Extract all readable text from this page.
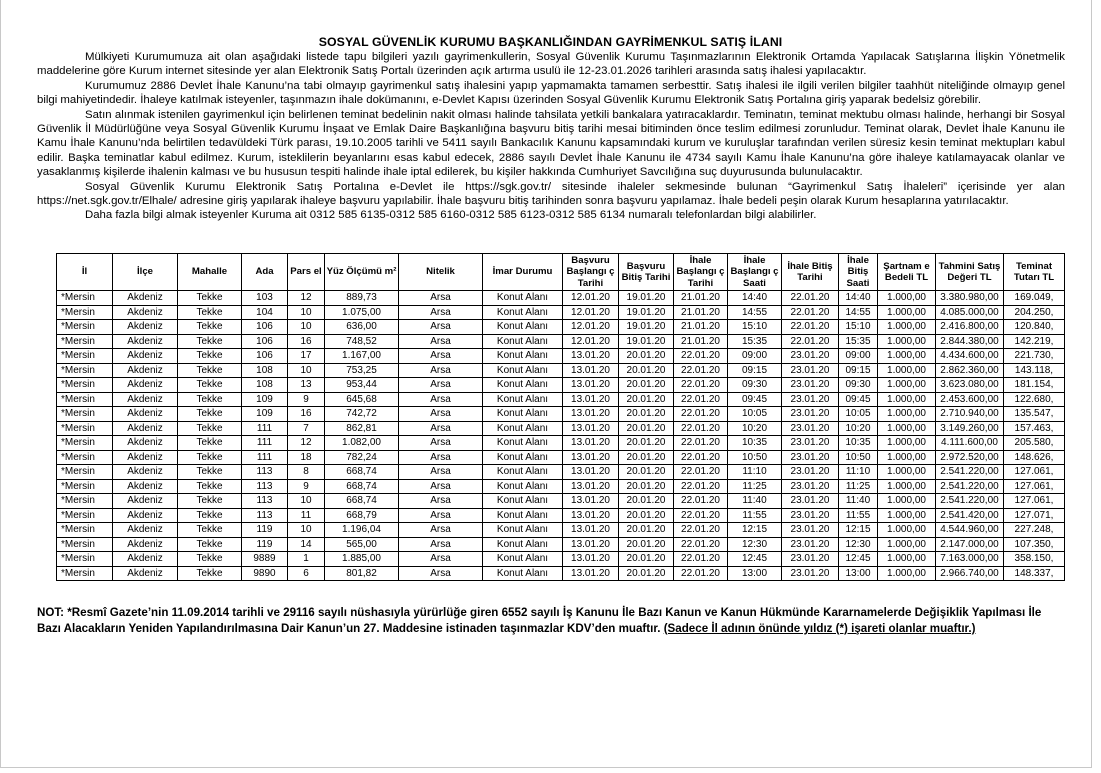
SOSYAL GÜVENLİK KURUMU BAŞKANLIĞINDAN GAYRİMENKUL SATIŞ İLANI

Mülkiyeti Kurumumuza ait olan aşağıdaki listede tapu bilgileri yazılı gayrimenkullerin, Sosyal Güvenlik Kurumu Taşınmazlarının Elektronik Ortamda Yapılacak Satışlarına İlişkin Yönetmelik maddelerine göre Kurum internet sitesinde yer alan Elektronik Satış Portalı üzerinden açık artırma usulü ile 12-23.01.2026 tarihleri arasında satış ihalesi yapılacaktır.

Kurumumuz 2886 Devlet İhale Kanunu’na tabi olmayıp gayrimenkul satış ihalesini yapıp yapmamakta tamamen serbesttir. Satış ihalesi ile ilgili verilen bilgiler taahhüt niteliğinde olmayıp genel bilgi mahiyetindedir. İhaleye katılmak isteyenler, taşınmazın ihale dokümanını, e-Devlet Kapısı üzerinden Sosyal Güvenlik Kurumu Elektronik Satış Portalına giriş yaparak bedelsiz görebilir.

Satın alınmak istenilen gayrimenkul için belirlenen teminat bedelinin nakit olması halinde tahsilata yetkili bankalara yatıracaklardır. Teminatın, teminat mektubu olması halinde, herhangi bir Sosyal Güvenlik İl Müdürlüğüne veya Sosyal Güvenlik Kurumu İnşaat ve Emlak Daire Başkanlığına başvuru bitiş tarihi mesai bitiminden önce teslim edilmesi zorunludur. Teminat olarak, Devlet İhale Kanunu ile Kamu İhale Kanunu’nda belirtilen tedavüldeki Türk parası, 19.10.2005 tarihli ve 5411 sayılı Bankacılık Kanunu kapsamındaki kurum ve kuruluşlar tarafından verilen süresiz kesin teminat mektupları kabul edilir. Başka teminatlar kabul edilmez. Kurum, isteklilerin beyanlarını esas kabul edecek, 2886 sayılı Devlet İhale Kanunu ile 4734 sayılı Kamu İhale Kanunu’na göre ihaleye katılamayacak olanlar ve yasaklanmış kişilerde ihalenin kalması ve bu hususun tespiti halinde ihale iptal edilerek, bu kişiler hakkında Cumhuriyet Savcılığına suç duyurusunda bulunulacaktır.

Sosyal Güvenlik Kurumu Elektronik Satış Portalına e-Devlet ile https://sgk.gov.tr/ sitesinde ihaleler sekmesinde bulunan “Gayrimenkul Satış İhaleleri” içerisinde yer alan https://net.sgk.gov.tr/Elhale/ adresine giriş yapılarak ihaleye başvuru yapılabilir. İhale başvuru bitiş tarihinden sonra başvuru yapılamaz. İhale bedeli peşin olarak Kurum hesaplarına yatırılacaktır.

Daha fazla bilgi almak isteyenler Kuruma ait 0312 585 6135-0312 585 6160-0312 585 6123-0312 585 6134 numaralı telefonlardan bilgi alabilirler.

İl	İlçe	Mahalle	Ada	Pars el	Yüz Ölçümü m²	Nitelik	İmar Durumu	Başvuru Başlangı ç Tarihi	Başvuru Bitiş Tarihi	İhale Başlangı ç Tarihi	İhale Başlangı ç Saati	İhale Bitiş Tarihi	İhale Bitiş Saati	Şartnam e Bedeli TL	Tahmini Satış Değeri TL	Teminat Tutarı TL
*Mersin	Akdeniz	Tekke	103	12	889,73	Arsa	Konut Alanı	12.01.20	19.01.20	21.01.20	14:40	22.01.20	14:40	1.000,00	3.380.980,00	169.049,
*Mersin	Akdeniz	Tekke	104	10	1.075,00	Arsa	Konut Alanı	12.01.20	19.01.20	21.01.20	14:55	22.01.20	14:55	1.000,00	4.085.000,00	204.250,
*Mersin	Akdeniz	Tekke	106	10	636,00	Arsa	Konut Alanı	12.01.20	19.01.20	21.01.20	15:10	22.01.20	15:10	1.000,00	2.416.800,00	120.840,
*Mersin	Akdeniz	Tekke	106	16	748,52	Arsa	Konut Alanı	12.01.20	19.01.20	21.01.20	15:35	22.01.20	15:35	1.000,00	2.844.380,00	142.219,
*Mersin	Akdeniz	Tekke	106	17	1.167,00	Arsa	Konut Alanı	13.01.20	20.01.20	22.01.20	09:00	23.01.20	09:00	1.000,00	4.434.600,00	221.730,
*Mersin	Akdeniz	Tekke	108	10	753,25	Arsa	Konut Alanı	13.01.20	20.01.20	22.01.20	09:15	23.01.20	09:15	1.000,00	2.862.360,00	143.118,
*Mersin	Akdeniz	Tekke	108	13	953,44	Arsa	Konut Alanı	13.01.20	20.01.20	22.01.20	09:30	23.01.20	09:30	1.000,00	3.623.080,00	181.154,
*Mersin	Akdeniz	Tekke	109	9	645,68	Arsa	Konut Alanı	13.01.20	20.01.20	22.01.20	09:45	23.01.20	09:45	1.000,00	2.453.600,00	122.680,
*Mersin	Akdeniz	Tekke	109	16	742,72	Arsa	Konut Alanı	13.01.20	20.01.20	22.01.20	10:05	23.01.20	10:05	1.000,00	2.710.940,00	135.547,
*Mersin	Akdeniz	Tekke	111	7	862,81	Arsa	Konut Alanı	13.01.20	20.01.20	22.01.20	10:20	23.01.20	10:20	1.000,00	3.149.260,00	157.463,
*Mersin	Akdeniz	Tekke	111	12	1.082,00	Arsa	Konut Alanı	13.01.20	20.01.20	22.01.20	10:35	23.01.20	10:35	1.000,00	4.111.600,00	205.580,
*Mersin	Akdeniz	Tekke	111	18	782,24	Arsa	Konut Alanı	13.01.20	20.01.20	22.01.20	10:50	23.01.20	10:50	1.000,00	2.972.520,00	148.626,
*Mersin	Akdeniz	Tekke	113	8	668,74	Arsa	Konut Alanı	13.01.20	20.01.20	22.01.20	11:10	23.01.20	11:10	1.000,00	2.541.220,00	127.061,
*Mersin	Akdeniz	Tekke	113	9	668,74	Arsa	Konut Alanı	13.01.20	20.01.20	22.01.20	11:25	23.01.20	11:25	1.000,00	2.541.220,00	127.061,
*Mersin	Akdeniz	Tekke	113	10	668,74	Arsa	Konut Alanı	13.01.20	20.01.20	22.01.20	11:40	23.01.20	11:40	1.000,00	2.541.220,00	127.061,
*Mersin	Akdeniz	Tekke	113	11	668,79	Arsa	Konut Alanı	13.01.20	20.01.20	22.01.20	11:55	23.01.20	11:55	1.000,00	2.541.420,00	127.071,
*Mersin	Akdeniz	Tekke	119	10	1.196,04	Arsa	Konut Alanı	13.01.20	20.01.20	22.01.20	12:15	23.01.20	12:15	1.000,00	4.544.960,00	227.248,
*Mersin	Akdeniz	Tekke	119	14	565,00	Arsa	Konut Alanı	13.01.20	20.01.20	22.01.20	12:30	23.01.20	12:30	1.000,00	2.147.000,00	107.350,
*Mersin	Akdeniz	Tekke	9889	1	1.885,00	Arsa	Konut Alanı	13.01.20	20.01.20	22.01.20	12:45	23.01.20	12:45	1.000,00	7.163.000,00	358.150,
*Mersin	Akdeniz	Tekke	9890	6	801,82	Arsa	Konut Alanı	13.01.20	20.01.20	22.01.20	13:00	23.01.20	13:00	1.000,00	2.966.740,00	148.337,
NOT: *Resmî Gazete’nin 11.09.2014 tarihli ve 29116 sayılı nüshasıyla yürürlüğe giren 6552 sayılı İş Kanunu İle Bazı Kanun ve Kanun Hükmünde Kararnamelerde Değişiklik Yapılması İle Bazı Alacakların Yeniden Yapılandırılmasına Dair Kanun’un 27. Maddesine istinaden taşınmazlar KDV’den muaftır. (Sadece İl adının önünde yıldız (*) işareti olanlar muaftır.)
